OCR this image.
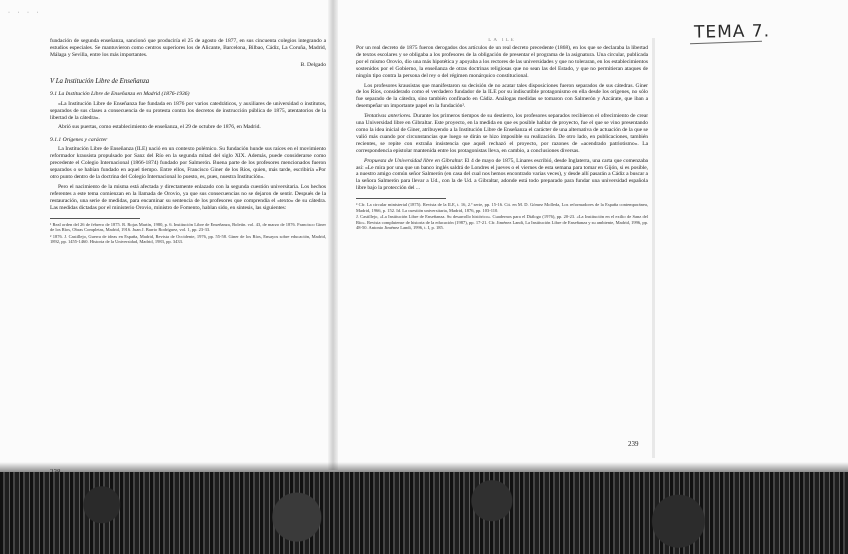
· · · ·
TEMA 7.

fundación de segunda enseñanza, sancionó que produciría el 25 de agosto de 1877, en sus cincuenta colegios integrando a estudios especiales. Se mantuvieron como centros superiores los de Alicante, Barcelona, Bilbao, Cádiz, La Coruña, Madrid, Málaga y Sevilla, entre los más importantes.

B. Delgado
V La Institución Libre de Enseñanza
9.1 La Institución Libre de Enseñanza en Madrid (1876-1936)

«La Institución Libre de Enseñanza fue fundada en 1876 por varios catedráticos, y auxiliares de universidad o institutos, separados de sus clases a consecuencia de su protesta contra los decretos de instrucción pública de 1875, atentatorios de la libertad de la cátedra».

Abrió sus puertas, como establecimiento de enseñanza, el 29 de octubre de 1876, en Madrid.

9.1.1 Orígenes y carácter

La Institución Libre de Enseñanza (ILE) nació en un contexto polémico. Su fundación hunde sus raíces en el movimiento reformador krausista propulsado por Sanz del Río en la segunda mitad del siglo XIX. Además, puede considerarse como precedente el Colegio Internacional (1866-1874) fundado por Salmerón. Buena parte de los profesores mencionados fueron separados o se habían fundado en aquel tiempo. Entre ellos, Francisco Giner de los Ríos, quien, más tarde, escribiría «Por otro punto dentro de la doctrina del Colegio Internacional lo puesto, es, pues, nuestra Institución».

Pero el nacimiento de la misma está afectada y directamente enlazado con la segunda cuestión universitaria. Los hechos referentes a este tema comienzan en la llamada de Orovio, ya que sus consecuencias no se dejaron de sentir. Después de la restauración, una serie de medidas, para encaminar su sentencia de los profesores que comprendía el «texto» de su cátedra. Las medidas dictadas por el ministerio Orovio, ministro de Fomento, hablan sido, en síntesis, las siguientes:

¹ Real orden del 26 de febrero de 1875. R. Rojas Martín, 1980, p. 6. Institución Libre de Enseñanza, Boletín. vol. 43, de marzo de 1876. Francisco Giner de los Ríos, Obras Completas, Madrid, 1916. Juan J. Barrio Rodríguez, vol. 1, pp. 23-33.

² 1876. J. Castillejo, Guerra de ideas en España, Madrid, Revista de Occidente, 1976, pp. 55-58. Giner de los Ríos, Ensayos sobre educación, Madrid, 1892, pp. 1455-1460. Historia de la Universidad, Madrid, 1983, pp. 3433.

LA ILE

Por un real decreto de 1875 fueron derogados dos artículos de un real decreto precedente (1868), en los que se declaraba la libertad de textos escolares y se obligaba a los profesores de la obligación de presentar el programa de la asignatura. Una circular, publicada por el mismo Orovio, dio una más hipotética y apoyaba a los rectores de las universidades y que no toleraran, en los establecimientos sostenidos por el Gobierno, la enseñanza de otras doctrinas religiosas que no sean las del Estado, y que no permitieran ataques de ningún tipo contra la persona del rey o del régimen monárquico constitucional.

Los profesores krausistas que manifestaron su decisión de no acatar tales disposiciones fueron separados de sus cátedras. Giner de los Ríos, considerado como el verdadero fundador de la ILE por su indiscutible protagonismo en ella desde los orígenes, no sólo fue separado de la cátedra, sino también confinado en Cádiz. Análogas medidas se tomaron con Salmerón y Azcárate, que iban a desempeñar un importante papel en la fundación².

Tentativas anteriores. Durante los primeros tiempos de su destierro, los profesores separados recibieron el ofrecimiento de crear una Universidad libre en Gibraltar. Este proyecto, en la medida en que es posible hablar de proyecto, fue el que se vino presentando como la idea inicial de Giner, atribuyendo a la Institución Libre de Enseñanza el carácter de una alternativa de actuación de la que se valió más cuando por circunstancias que luego se dirán se hizo imposible su realización. De otro lado, en publicaciones, también recientes, se repite con extraña insistencia que aquél rechazó el proyecto, por razones de «acendrado patriotismo». La correspondencia epistolar mantenida entre los protagonistas lleva, en cambio, a conclusiones diversas.

Propuesta de Universidad libre en Gibraltar. El 4 de mayo de 1875, Linares escribió, desde Inglaterra, una carta que comenzaba así: «Le mira por una que un banco inglés saldrá de Londres el jueves o el viernes de esta semana para tomar en Gijón, si es posible, a nuestro amigo común señor Salmerón (en casa del cual nos hemos encontrado varias veces), y desde allí pasarán a Cádiz a buscar a la señora Salmerón para llevar a Ud., con la de Ud. a Gibraltar, adonde está todo preparado para fundar una universidad española libre bajo la protección del ...

³ Cfr. La circular ministerial (1875). Revista de la ILE, t. 16, 2.ª serie, pp. 15-16. Cit. en M. D. Gómez Molleda, Los reformadores de la España contemporánea, Madrid, 1966, p. 152. Id. La cuestión universitaria, Madrid, 1876, pp. 103-110.

J. Castillejo, «La Institución Libre de Enseñanza. Su desarrollo histórico». Cuadernos para el Diálogo (1976), pp. 20-23. «La Institución en el exilio de Sanz del Río». Revista complutense de historia de la educación (1987), pp. 17-21. Cfr. Jiménez Landi, La Institución Libre de Enseñanza y su ambiente, Madrid, 1996, pp. 48-50. Antonio Jiménez Landi, 1996, t. I, p. 185.

239
